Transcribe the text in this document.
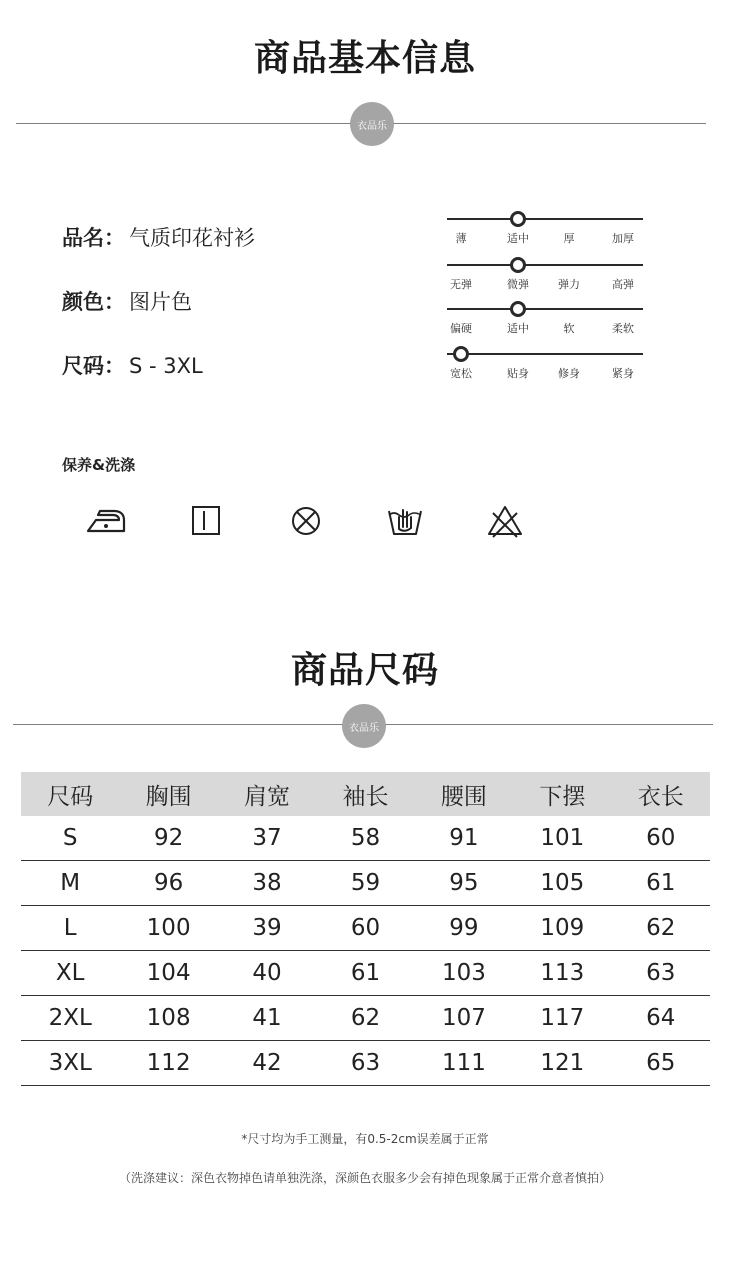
商品基本信息
衣品乐
品名： 气质印花衬衫
颜色： 图片色
尺码： S - 3XL
薄	适中	厚	加厚
无弹	微弹	弹力	高弹
偏硬	适中	软	柔软
宽松	贴身	修身	紧身
保养&洗涤
商品尺码
衣品乐
尺码	胸围	肩宽	袖长	腰围	下摆	衣长
S	92	37	58	91	101	60
M	96	38	59	95	105	61
L	100	39	60	99	109	62
XL	104	40	61	103	113	63
2XL	108	41	62	107	117	64
3XL	112	42	63	111	121	65
*尺寸均为手工测量，有0.5-2cm误差属于正常
（洗涤建议：深色衣物掉色请单独洗涤，深颜色衣服多少会有掉色现象属于正常介意者慎拍）
